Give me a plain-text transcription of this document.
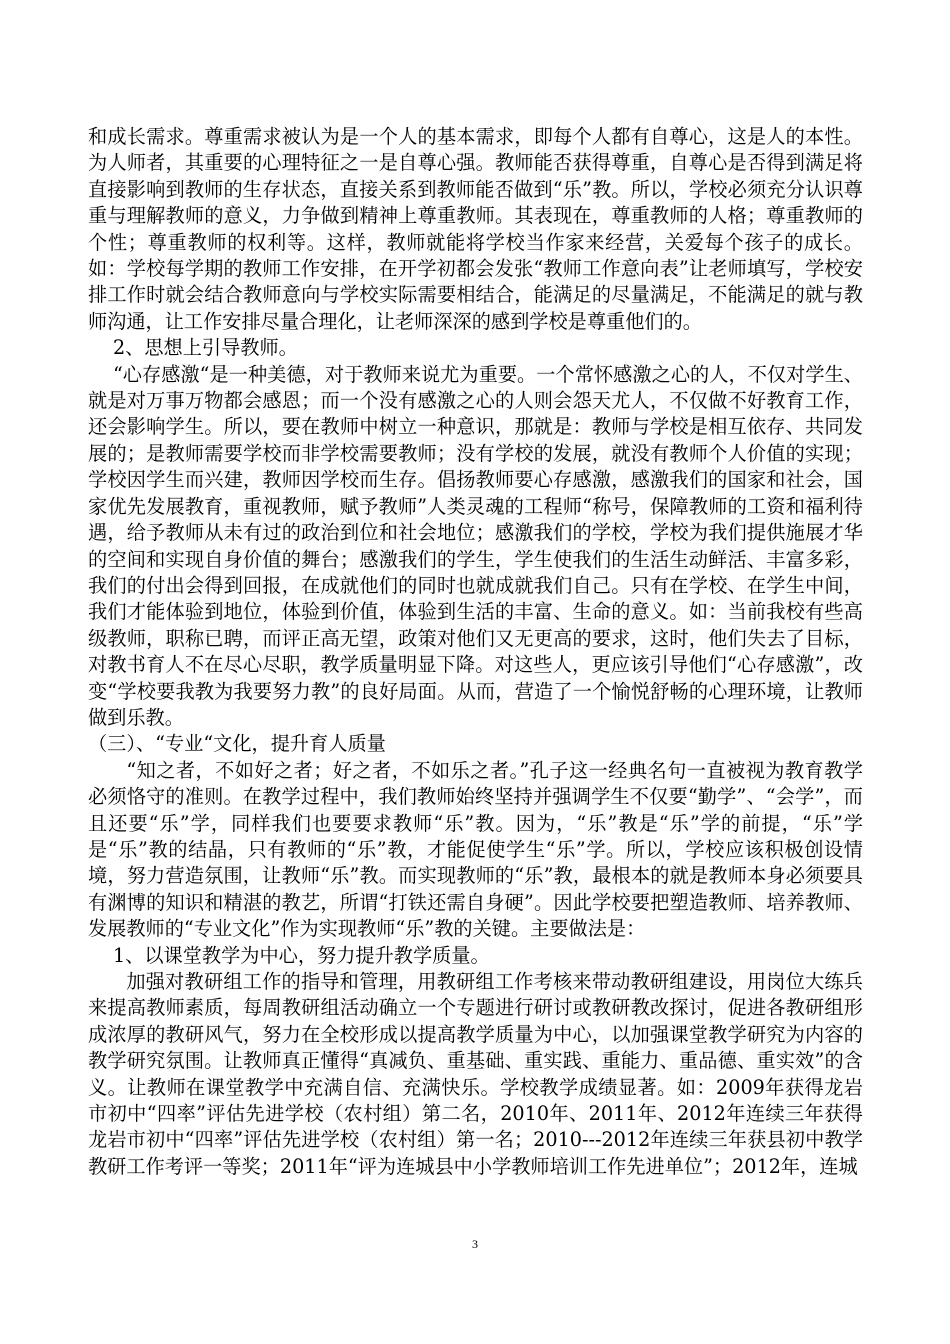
和成长需求。尊重需求被认为是一个人的基本需求，即每个人都有自尊心，这是人的本性。为人师者，其重要的心理特征之一是自尊心强。教师能否获得尊重，自尊心是否得到满足将直接影响到教师的生存状态，直接关系到教师能否做到“乐”教。所以，学校必须充分认识尊重与理解教师的意义，力争做到精神上尊重教师。其表现在，尊重教师的人格；尊重教师的个性；尊重教师的权利等。这样，教师就能将学校当作家来经营，关爱每个孩子的成长。如：学校每学期的教师工作安排，在开学初都会发张“教师工作意向表”让老师填写，学校安排工作时就会结合教师意向与学校实际需要相结合，能满足的尽量满足，不能满足的就与教师沟通，让工作安排尽量合理化，让老师深深的感到学校是尊重他们的。

2、思想上引导教师。

“心存感激“是一种美德，对于教师来说尤为重要。一个常怀感激之心的人，不仅对学生、就是对万事万物都会感恩；而一个没有感激之心的人则会怨天尤人，不仅做不好教育工作，还会影响学生。所以，要在教师中树立一种意识，那就是：教师与学校是相互依存、共同发展的；是教师需要学校而非学校需要教师；没有学校的发展，就没有教师个人价值的实现；学校因学生而兴建，教师因学校而生存。倡扬教师要心存感激，感激我们的国家和社会，国家优先发展教育，重视教师，赋予教师”人类灵魂的工程师“称号，保障教师的工资和福利待遇，给予教师从未有过的政治到位和社会地位；感激我们的学校，学校为我们提供施展才华的空间和实现自身价值的舞台；感激我们的学生，学生使我们的生活生动鲜活、丰富多彩，我们的付出会得到回报，在成就他们的同时也就成就我们自己。只有在学校、在学生中间，我们才能体验到地位，体验到价值，体验到生活的丰富、生命的意义。如：当前我校有些高级教师，职称已聘，而评正高无望，政策对他们又无更高的要求，这时，他们失去了目标，对教书育人不在尽心尽职，教学质量明显下降。对这些人，更应该引导他们“心存感激”，改变“学校要我教为我要努力教”的良好局面。从而，营造了一个愉悦舒畅的心理环境，让教师做到乐教。

（三）、“专业“文化，提升育人质量

“知之者，不如好之者；好之者，不如乐之者。”孔子这一经典名句一直被视为教育教学必须恪守的准则。在教学过程中，我们教师始终坚持并强调学生不仅要“勤学”、“会学”，而且还要“乐”学，同样我们也要要求教师“乐”教。因为，“乐”教是“乐”学的前提，“乐”学是“乐”教的结晶，只有教师的“乐”教，才能促使学生“乐”学。所以，学校应该积极创设情境，努力营造氛围，让教师“乐”教。而实现教师的“乐”教，最根本的就是教师本身必须要具有渊博的知识和精湛的教艺，所谓“打铁还需自身硬”。因此学校要把塑造教师、培养教师、发展教师的“专业文化”作为实现教师“乐”教的关键。主要做法是：

1、以课堂教学为中心，努力提升教学质量。

加强对教研组工作的指导和管理，用教研组工作考核来带动教研组建设，用岗位大练兵来提高教师素质，每周教研组活动确立一个专题进行研讨或教研教改探讨，促进各教研组形成浓厚的教研风气，努力在全校形成以提高教学质量为中心，以加强课堂教学研究为内容的教学研究氛围。让教师真正懂得“真减负、重基础、重实践、重能力、重品德、重实效”的含义。让教师在课堂教学中充满自信、充满快乐。学校教学成绩显著。如：2009年获得龙岩市初中“四率”评估先进学校（农村组）第二名，2010年、2011年、2012年连续三年获得龙岩市初中“四率”评估先进学校（农村组）第一名；2010---2012年连续三年获县初中教学教研工作考评一等奖；2011年“评为连城县中小学教师培训工作先进单位”；2012年，连城

3
